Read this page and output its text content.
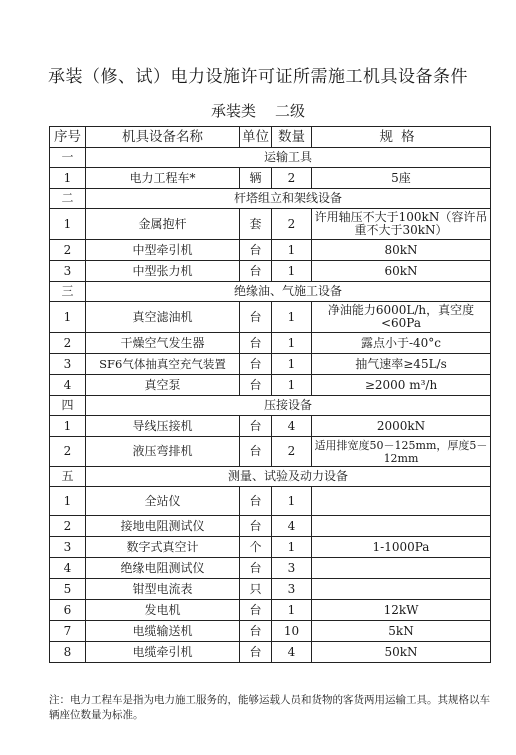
承装（修、试）电力设施许可证所需施工机具设备条件
承装类    二级
序号	机具设备名称	单位	数量	规格
一	运输工具			
1	电力工程车*	辆	2	5座
二	杆塔组立和架线设备			
1	金属抱杆	套	2	许用轴压不大于100kN（容许吊重不大于30kN）
2	中型牵引机	台	1	80kN
3	中型张力机	台	1	60kN
三	绝缘油、气施工设备			
1	真空滤油机	台	1	净油能力6000L/h，真空度<60Pa
2	干燥空气发生器	台	1	露点小于-40°c
3	SF6气体抽真空充气装置	台	1	抽气速率≥45L/s
4	真空泵	台	1	≥2000 m³/h
四	压接设备			
1	导线压接机	台	4	2000kN
2	液压弯排机	台	2	适用排宽度50－125mm，厚度5－12mm
五	测量、试验及动力设备			
1	全站仪	台	1	
2	接地电阻测试仪	台	4	
3	数字式真空计	个	1	1-1000Pa
4	绝缘电阻测试仪	台	3	
5	钳型电流表	只	3	
6	发电机	台	1	12kW
7	电缆输送机	台	10	5kN
8	电缆牵引机	台	4	50kN
注：电力工程车是指为电力施工服务的，能够运载人员和货物的客货两用运输工具。其规格以车辆座位数量为标准。
